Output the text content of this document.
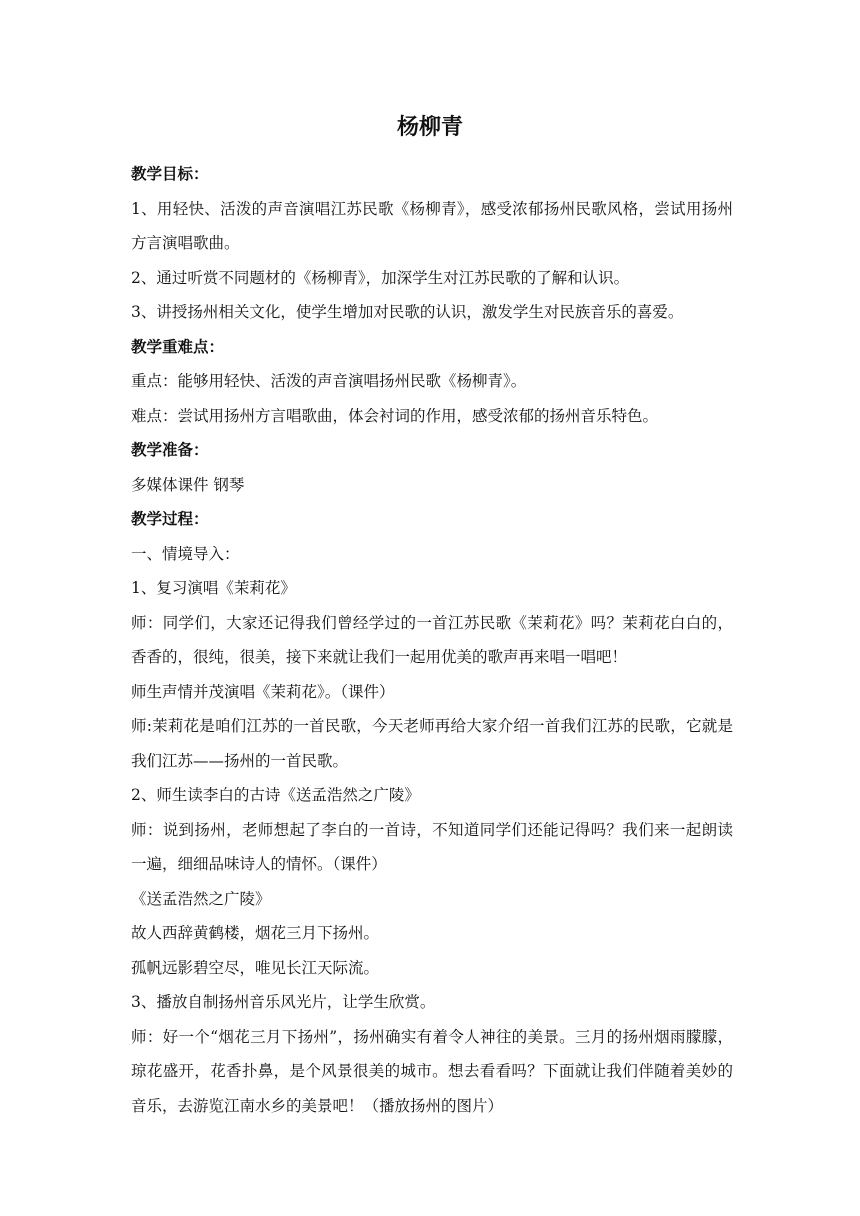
杨柳青

教学目标：

1、用轻快、活泼的声音演唱江苏民歌《杨柳青》，感受浓郁扬州民歌风格，尝试用扬州方言演唱歌曲。

2、通过听赏不同题材的《杨柳青》，加深学生对江苏民歌的了解和认识。

3、讲授扬州相关文化，使学生增加对民歌的认识，激发学生对民族音乐的喜爱。

教学重难点：

重点：能够用轻快、活泼的声音演唱扬州民歌《杨柳青》。

难点：尝试用扬州方言唱歌曲，体会衬词的作用，感受浓郁的扬州音乐特色。

教学准备：

多媒体课件 钢琴

教学过程：

一、情境导入：

1、复习演唱《茉莉花》

师：同学们，大家还记得我们曾经学过的一首江苏民歌《茉莉花》吗？茉莉花白白的，香香的，很纯，很美，接下来就让我们一起用优美的歌声再来唱一唱吧！

师生声情并茂演唱《茉莉花》。（课件）

师:茉莉花是咱们江苏的一首民歌，今天老师再给大家介绍一首我们江苏的民歌，它就是我们江苏——扬州的一首民歌。

2、师生读李白的古诗《送孟浩然之广陵》

师：说到扬州，老师想起了李白的一首诗，不知道同学们还能记得吗？我们来一起朗读一遍，细细品味诗人的情怀。（课件）

《送孟浩然之广陵》

故人西辞黄鹤楼，烟花三月下扬州。

孤帆远影碧空尽，唯见长江天际流。

3、播放自制扬州音乐风光片，让学生欣赏。

师：好一个“烟花三月下扬州”，扬州确实有着令人神往的美景。三月的扬州烟雨朦朦，琼花盛开，花香扑鼻，是个风景很美的城市。想去看看吗？下面就让我们伴随着美妙的音乐，去游览江南水乡的美景吧！（播放扬州的图片）
